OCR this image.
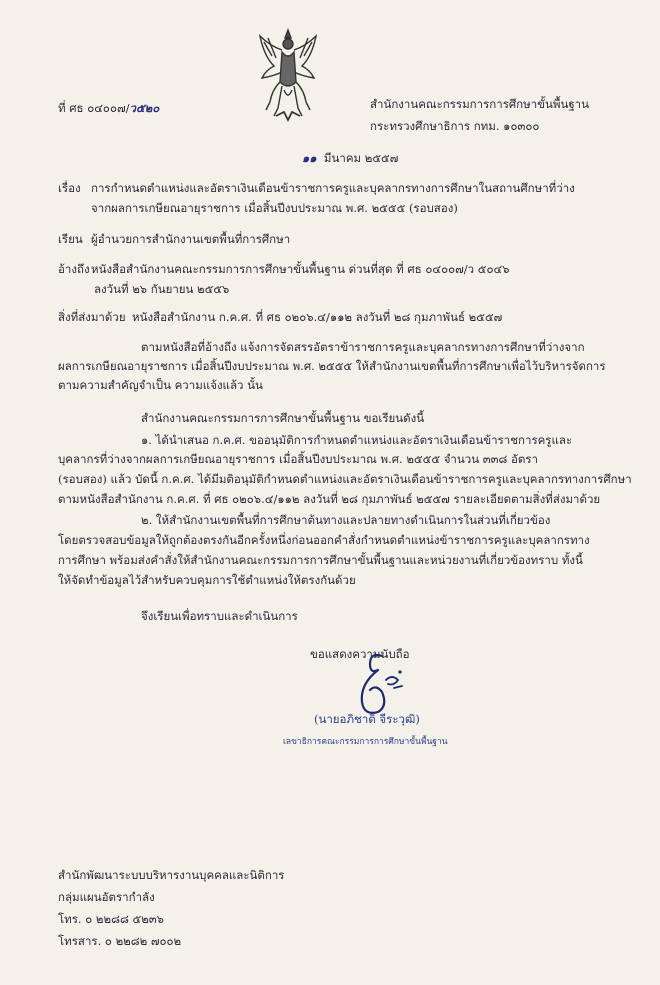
ที่ ศธ ๐๔๐๐๗/ว๕๒๐	สำนักงานคณะกรรมการการศึกษาขั้นพื้นฐาน
กระทรวงศึกษาธิการ กทม. ๑๐๓๐๐
๑๑ มีนาคม ๒๕๕๗
เรื่อง การกำหนดตำแหน่งและอัตราเงินเดือนข้าราชการครูและบุคลากรทางการศึกษาในสถานศึกษาที่ว่าง
จากผลการเกษียณอายุราชการ เมื่อสิ้นปีงบประมาณ พ.ศ. ๒๕๕๕ (รอบสอง)
เรียน ผู้อำนวยการสำนักงานเขตพื้นที่การศึกษา
อ้างถึง หนังสือสำนักงานคณะกรรมการการศึกษาขั้นพื้นฐาน ด่วนที่สุด ที่ ศธ ๐๔๐๐๗/ว ๕๐๔๖
ลงวันที่ ๒๖ กันยายน ๒๕๕๖
สิ่งที่ส่งมาด้วย หนังสือสำนักงาน ก.ค.ศ. ที่ ศธ ๐๒๐๖.๔/๑๑๒ ลงวันที่ ๒๘ กุมภาพันธ์ ๒๕๕๗
ตามหนังสือที่อ้างถึง แจ้งการจัดสรรอัตราข้าราชการครูและบุคลากรทางการศึกษาที่ว่างจาก
ผลการเกษียณอายุราชการ เมื่อสิ้นปีงบประมาณ พ.ศ. ๒๕๕๕ ให้สำนักงานเขตพื้นที่การศึกษาเพื่อไว้บริหารจัดการ
ตามความสำคัญจำเป็น ความแจ้งแล้ว นั้น
สำนักงานคณะกรรมการการศึกษาขั้นพื้นฐาน ขอเรียนดังนี้
๑. ได้นำเสนอ ก.ค.ศ. ขออนุมัติการกำหนดตำแหน่งและอัตราเงินเดือนข้าราชการครูและ
บุคลากรที่ว่างจากผลการเกษียณอายุราชการ เมื่อสิ้นปีงบประมาณ พ.ศ. ๒๕๕๕ จำนวน ๓๓๘ อัตรา
(รอบสอง) แล้ว บัดนี้ ก.ค.ศ. ได้มีมติอนุมัติกำหนดตำแหน่งและอัตราเงินเดือนข้าราชการครูและบุคลากรทางการศึกษา
ตามหนังสือสำนักงาน ก.ค.ศ. ที่ ศธ ๐๒๐๖.๔/๑๑๒ ลงวันที่ ๒๘ กุมภาพันธ์ ๒๕๕๗ รายละเอียดตามสิ่งที่ส่งมาด้วย
๒. ให้สำนักงานเขตพื้นที่การศึกษาต้นทางและปลายทางดำเนินการในส่วนที่เกี่ยวข้อง
โดยตรวจสอบข้อมูลให้ถูกต้องตรงกันอีกครั้งหนึ่งก่อนออกคำสั่งกำหนดตำแหน่งข้าราชการครูและบุคลากรทาง
การศึกษา พร้อมส่งคำสั่งให้สำนักงานคณะกรรมการการศึกษาขั้นพื้นฐานและหน่วยงานที่เกี่ยวข้องทราบ ทั้งนี้
ให้จัดทำข้อมูลไว้สำหรับควบคุมการใช้ตำแหน่งให้ตรงกันด้วย
จึงเรียนเพื่อทราบและดำเนินการ
ขอแสดงความนับถือ
(นายอภิชาติ จีระวุฒิ)
เลขาธิการคณะกรรมการการศึกษาขั้นพื้นฐาน
สำนักพัฒนาระบบบริหารงานบุคคลและนิติการ
กลุ่มแผนอัตรากำลัง
โทร. ๐ ๒๒๘๘ ๕๒๓๖
โทรสาร. ๐ ๒๒๘๒ ๗๐๐๒
